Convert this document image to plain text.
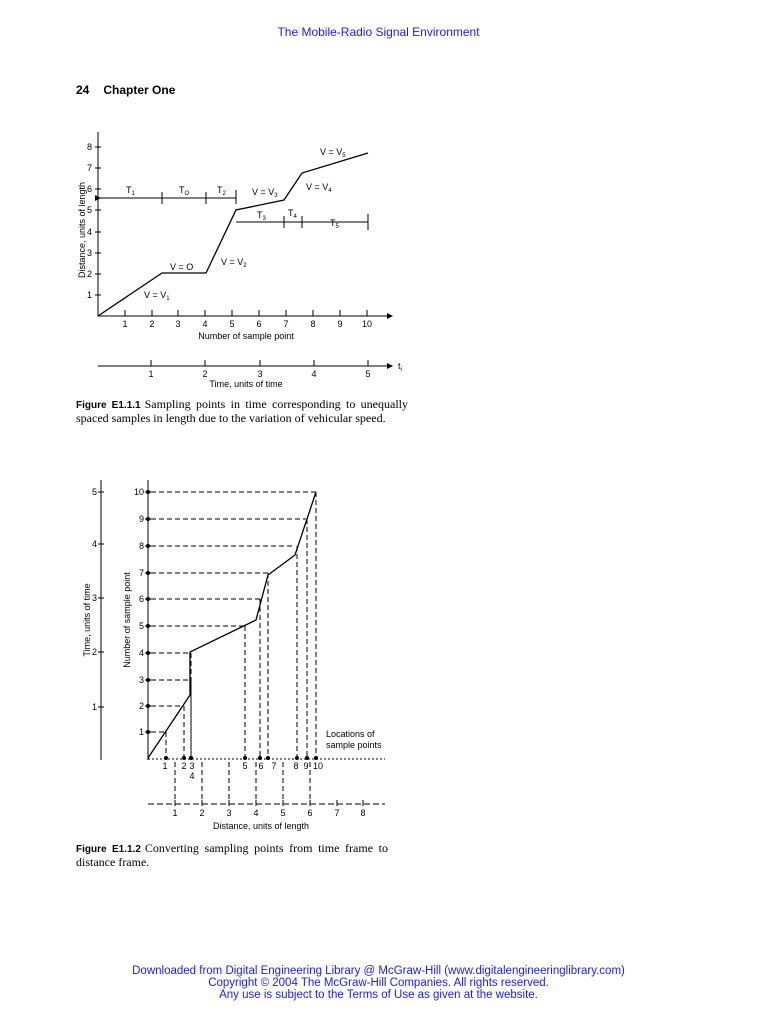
The Mobile-Radio Signal Environment
24 Chapter One
Distance, units of length
1
2
3
4
5
6
7
8
1 2 3 4 5 6 7 8 9 10
Number of sample point
$V = V_1$
V = O	$V = V_2$
$V = V_3$
$V = V_4$
$V = V_5$
$T_1$	$T_O$	$T_2$
$T_3$
$T_4$
$T_5$
1	2	3	4	5
$t_i$
Time, units of time
Time, units of time
1
2
3
4
5
Number of sample point
1
2
3
4
5
6
7
8
9
10
Locations of
sample points
1 2 3
4
5 6 7 8 9 10
1 2 3 4 5 6 7 8
Distance, units of length
Figure E1.1.1 Sampling points in time corresponding to unequally spaced samples in length due to the variation of vehicular speed.
Figure E1.1.2 Converting sampling points from time frame to distance frame.
Downloaded from Digital Engineering Library @ McGraw-Hill (www.digitalengineeringlibrary.com)
Copyright © 2004 The McGraw-Hill Companies. All rights reserved.
Any use is subject to the Terms of Use as given at the website.
